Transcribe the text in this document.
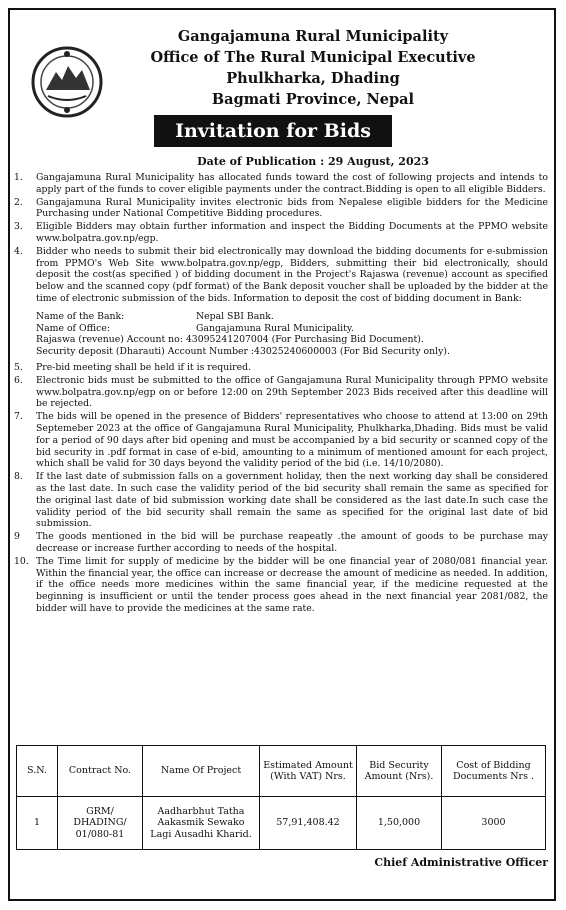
Gangajamuna Rural Municipality
Office of The Rural Municipal Executive
Phulkharka, Dhading
Bagmati Province, Nepal
Invitation for Bids
Date of Publication : 29 August, 2023
1.	Gangajamuna Rural Municipality has allocated funds toward the cost of following projects and intends to apply part of the funds to cover eligible payments under the contract.Bidding is open to all eligible Bidders.
2.	Gangajamuna Rural Municipality invites electronic bids from Nepalese eligible bidders for the Medicine Purchasing under National Competitive Bidding procedures.
3.	Eligible Bidders may obtain further information and inspect the Bidding Documents at the PPMO website www.bolpatra.gov.np/egp.
4.	Bidder who needs to submit their bid electronically may download the bidding documents for e-submission from PPMO's Web Site www.bolpatra.gov.np/egp, Bidders, submitting their bid electronically, should deposit the cost(as specified ) of bidding document in the Project's Rajaswa (revenue) account as specified below and the scanned copy (pdf format) of the Bank deposit voucher shall be uploaded by the bidder at the time of electronic submission of the bids. Information to deposit the cost of bidding document in Bank:
Name of the Bank:	Nepal SBI Bank.
Name of Office:	Gangajamuna Rural Municipality.
Rajaswa (revenue) Account no: 43095241207004 (For Purchasing Bid Document).
Security deposit (Dharauti) Account Number :43025240600003 (For Bid Security only).
5.	Pre-bid meeting shall be held if it is required.
6.	Electronic bids must be submitted to the office of Gangajamuna Rural Municipality through PPMO website www.bolpatra.gov.np/egp on or before 12:00 on 29th September 2023 Bids received after this deadline will be rejected.
7.	The bids will be opened in the presence of Bidders' representatives who choose to attend at 13:00 on 29th Septemeber 2023 at the office of Gangajamuna Rural Municipality, Phulkharka,Dhading. Bids must be valid for a period of 90 days after bid opening and must be accompanied by a bid security or scanned copy of the bid security in .pdf format in case of e-bid, amounting to a minimum of mentioned amount for each project, which shall be valid for 30 days beyond the validity period of the bid (i.e. 14/10/2080).
8.	If the last date of submission falls on a government holiday, then the next working day shall be considered as the last date. In such case the validity period of the bid security shall remain the same as specified for the original last date of bid submission working date shall be considered as the last date.In such case the validity period of the bid security shall remain the same as specified for the original last date of bid submission.
9	The goods mentioned in the bid will be purchase reapeatly .the amount of goods to be purchase may decrease or increase further according to needs of the hospital.
10. The Time limit for supply of medicine by the bidder will be one financial year of 2080/081 financial year. Within the financial year, the office can increase or decrease the amount of medicine as needed. In addition, if the office needs more medicines within the same financial year, if the medicine requested at the beginning is insufficient or until the tender process goes ahead in the next financial year 2081/082, the bidder will have to provide the medicines at the same rate.
S.N.	Contract No.	Name Of Project	Estimated Amount (With VAT) Nrs.	Bid Security Amount (Nrs).	Cost of Bidding Documents Nrs .
1	GRM/ DHADING/ 01/080-81	Aadharbhut Tatha Aakasmik Sewako Lagi Ausadhi Kharid.	57,91,408.42	1,50,000	3000
Chief Administrative Officer
